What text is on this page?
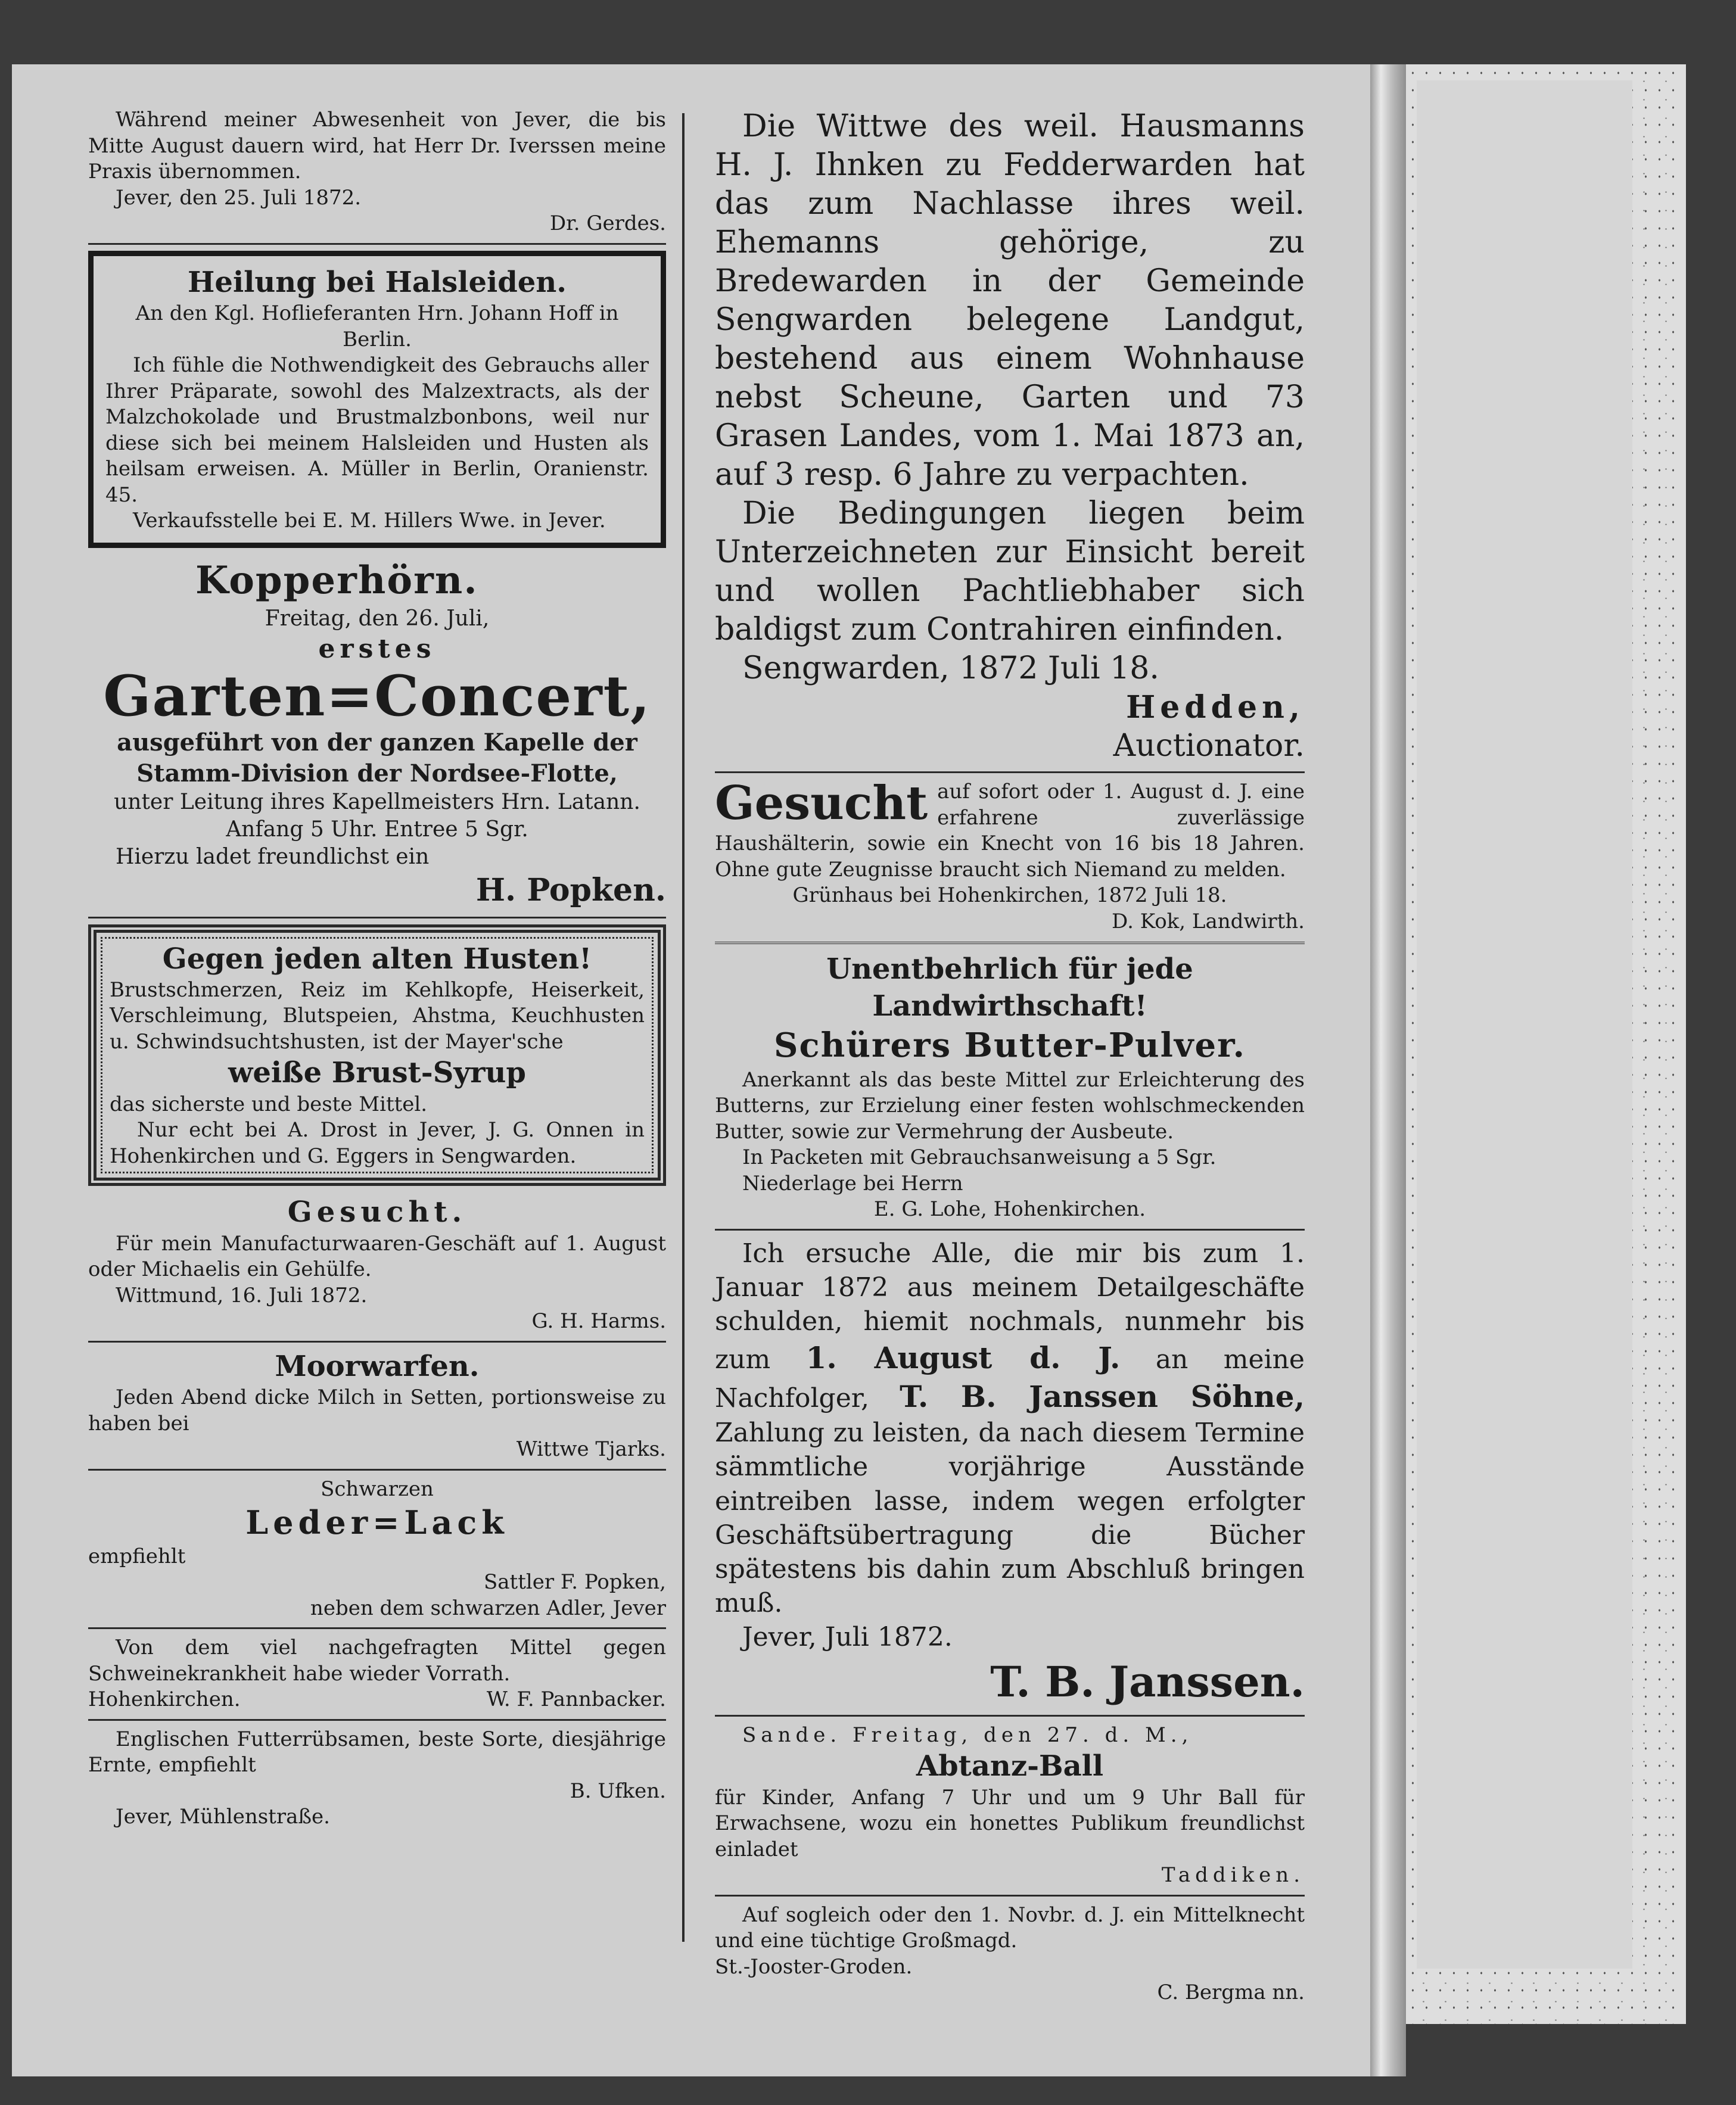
Während meiner Abwesenheit von Jever, die bis Mitte August dauern wird, hat Herr Dr. Iverssen meine Praxis übernommen.

Jever, den 25. Juli 1872.

Dr. Gerdes.

Heilung bei Halsleiden.

An den Kgl. Hoflieferanten Hrn. Johann Hoff in Berlin.

Ich fühle die Nothwendigkeit des Gebrauchs aller Ihrer Präparate, sowohl des Malzextracts, als der Malzchokolade und Brustmalzbonbons, weil nur diese sich bei meinem Halsleiden und Husten als heilsam erweisen. A. Müller in Berlin, Oranienstr. 45.

Verkaufsstelle bei E. M. Hillers Wwe. in Jever.

Kopperhörn.

Freitag, den 26. Juli,

erstes

Garten=Concert,

ausgeführt von der ganzen Kapelle der Stamm-Division der Nordsee-Flotte,

unter Leitung ihres Kapellmeisters Hrn. Latann.

Anfang 5 Uhr. Entree 5 Sgr.

Hierzu ladet freundlichst ein

H. Popken.

Gegen jeden alten Husten!

Brustschmerzen, Reiz im Kehlkopfe, Heiserkeit, Verschleimung, Blutspeien, Ahstma, Keuchhusten u. Schwindsuchtshusten, ist der Mayer'sche

weiße Brust-Syrup

das sicherste und beste Mittel.

Nur echt bei A. Drost in Jever, J. G. Onnen in Hohenkirchen und G. Eggers in Sengwarden.

Gesucht.

Für mein Manufacturwaaren-Geschäft auf 1. August oder Michaelis ein Gehülfe.

Wittmund, 16. Juli 1872.

G. H. Harms.

Moorwarfen.

Jeden Abend dicke Milch in Setten, portionsweise zu haben bei

Wittwe Tjarks.

Schwarzen

Leder=Lack

empfiehlt

Sattler F. Popken,

neben dem schwarzen Adler, Jever

Von dem viel nachgefragten Mittel gegen Schweinekrankheit habe wieder Vorrath.

Hohenkirchen.	W. F. Pannbacker.

Englischen Futterrübsamen, beste Sorte, diesjährige Ernte, empfiehlt

B. Ufken.

Jever, Mühlenstraße.

Die Wittwe des weil. Hausmanns H. J. Ihnken zu Fedderwarden hat das zum Nachlasse ihres weil. Ehemanns gehörige, zu Bredewarden in der Gemeinde Sengwarden belegene Landgut, bestehend aus einem Wohnhause nebst Scheune, Garten und 73 Grasen Landes, vom 1. Mai 1873 an, auf 3 resp. 6 Jahre zu verpachten.

Die Bedingungen liegen beim Unterzeichneten zur Einsicht bereit und wollen Pachtliebhaber sich baldigst zum Contrahiren einfinden.

Sengwarden, 1872 Juli 18.

Hedden,

Auctionator.

Gesucht auf sofort oder 1. August d. J. eine erfahrene zuverlässige Haushälterin, sowie ein Knecht von 16 bis 18 Jahren. Ohne gute Zeugnisse braucht sich Niemand zu melden.

Grünhaus bei Hohenkirchen, 1872 Juli 18.

D. Kok, Landwirth.

Unentbehrlich für jede Landwirthschaft!

Schürers Butter-Pulver.

Anerkannt als das beste Mittel zur Erleichterung des Butterns, zur Erzielung einer festen wohlschmeckenden Butter, sowie zur Vermehrung der Ausbeute.

In Packeten mit Gebrauchsanweisung a 5 Sgr.

Niederlage bei Herrn

E. G. Lohe, Hohenkirchen.

Ich ersuche Alle, die mir bis zum 1. Januar 1872 aus meinem Detailgeschäfte schulden, hiemit nochmals, nunmehr bis zum 1. August d. J. an meine Nachfolger, T. B. Janssen Söhne, Zahlung zu leisten, da nach diesem Termine sämmtliche vorjährige Ausstände eintreiben lasse, indem wegen erfolgter Geschäftsübertragung die Bücher spätestens bis dahin zum Abschluß bringen muß.

Jever, Juli 1872.

T. B. Janssen.

Sande. Freitag, den 27. d. M.,

Abtanz-Ball

für Kinder, Anfang 7 Uhr und um 9 Uhr Ball für Erwachsene, wozu ein honettes Publikum freundlichst einladet

Taddiken.

Auf sogleich oder den 1. Novbr. d. J. ein Mittelknecht und eine tüchtige Großmagd.

St.-Jooster-Groden.

C. Bergma nn.
